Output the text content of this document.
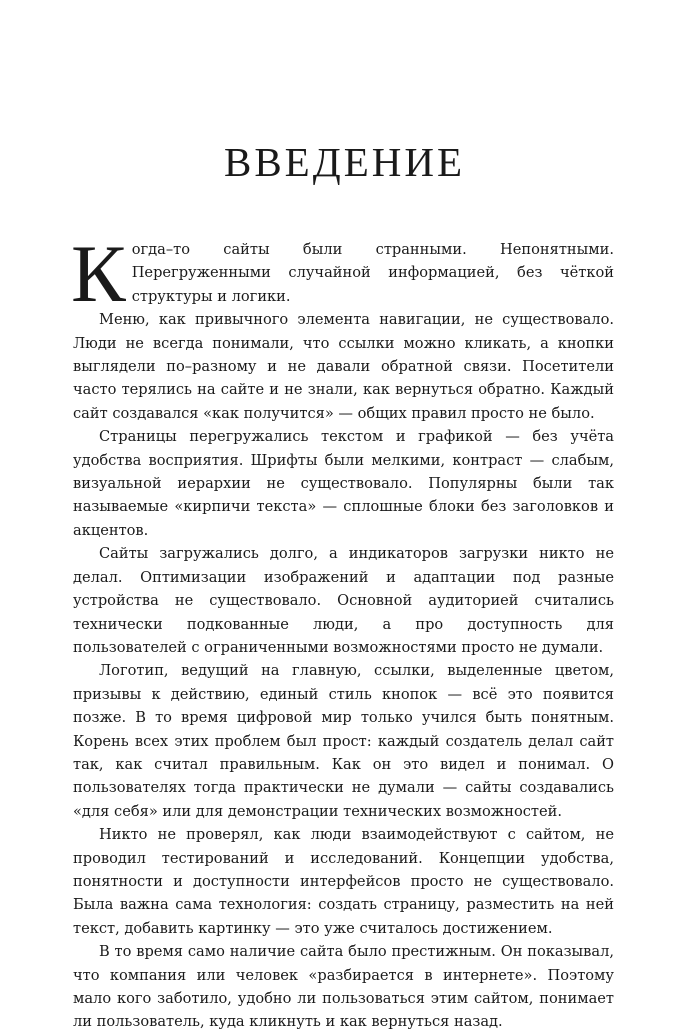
ВВЕДЕНИЕ

Когда–то сайты были странными. Непонятными. Перегруженными случайной информацией, без чёткой структуры и логики.

Меню, как привычного элемента навигации, не существовало. Люди не всегда понимали, что ссылки можно кликать, а кнопки выглядели по–разному и не давали обратной связи. Посетители часто терялись на сайте и не знали, как вернуться обратно. Каждый сайт создавался «как получится» — общих правил просто не было.

Страницы перегружались текстом и графикой — без учёта удобства восприятия. Шрифты были мелкими, контраст — слабым, визуальной иерархии не существовало. Популярны были так называемые «кирпичи текста» — сплошные блоки без заголовков и акцентов.

Сайты загружались долго, а индикаторов загрузки никто не делал. Оптимизации изображений и адаптации под разные устройства не существовало. Основной аудиторией считались технически подкованные люди, а про доступность для пользователей с ограниченными возможностями просто не думали.

Логотип, ведущий на главную, ссылки, выделенные цветом, призывы к действию, единый стиль кнопок — всё это появится позже. В то время цифровой мир только учился быть понятным. Корень всех этих проблем был прост: каждый создатель делал сайт так, как считал правильным. Как он это видел и понимал. О пользователях тогда практически не думали — сайты создавались «для себя» или для демонстрации технических возможностей.

Никто не проверял, как люди взаимодействуют с сайтом, не проводил тестирований и исследований. Концепции удобства, понятности и доступности интерфейсов просто не существовало. Была важна сама технология: создать страницу, разместить на ней текст, добавить картинку — это уже считалось достижением.

В то время само наличие сайта было престижным. Он показывал, что компания или человек «разбирается в интернете». Поэтому мало кого заботило, удобно ли пользоваться этим сайтом, понимает ли пользователь, куда кликнуть и как вернуться назад.
